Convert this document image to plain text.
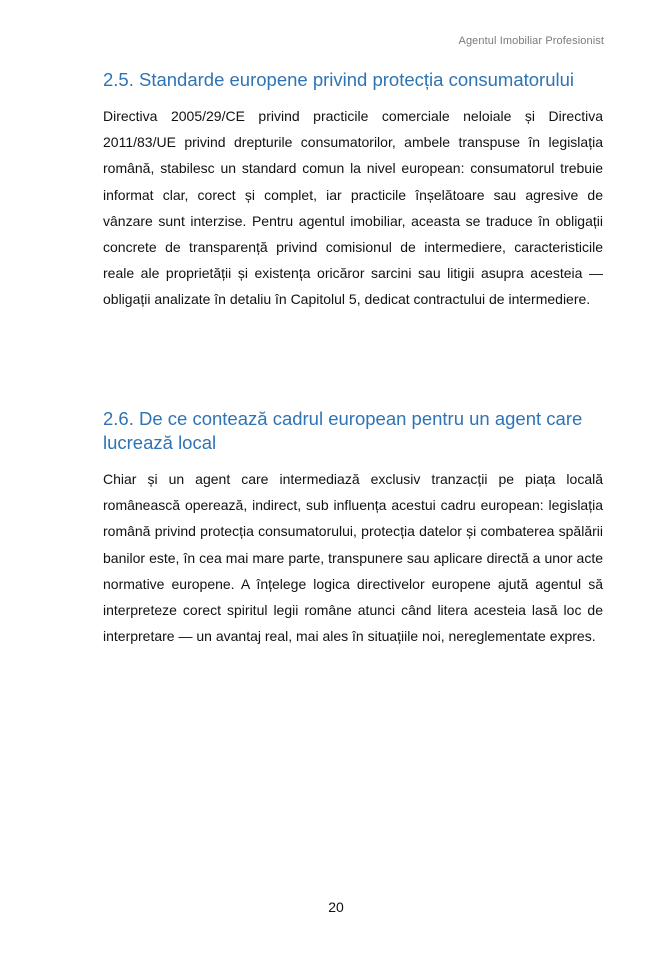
Agentul Imobiliar Profesionist
2.5. Standarde europene privind protecția consumatorului

Directiva 2005/29/CE privind practicile comerciale neloiale și Directiva 2011/83/UE privind drepturile consumatorilor, ambele transpuse în legislația română, stabilesc un standard comun la nivel european: consumatorul trebuie informat clar, corect și complet, iar practicile înșelătoare sau agresive de vânzare sunt interzise. Pentru agentul imobiliar, aceasta se traduce în obligații concrete de transparență privind comisionul de intermediere, caracteristicile reale ale proprietății și existența oricăror sarcini sau litigii asupra acesteia — obligații analizate în detaliu în Capitolul 5, dedicat contractului de intermediere.

2.6. De ce contează cadrul european pentru un agent care lucrează local

Chiar și un agent care intermediază exclusiv tranzacții pe piața locală românească operează, indirect, sub influența acestui cadru european: legislația română privind protecția consumatorului, protecția datelor și combaterea spălării banilor este, în cea mai mare parte, transpunere sau aplicare directă a unor acte normative europene. A înțelege logica directivelor europene ajută agentul să interpreteze corect spiritul legii române atunci când litera acesteia lasă loc de interpretare — un avantaj real, mai ales în situațiile noi, nereglementate expres.

20
